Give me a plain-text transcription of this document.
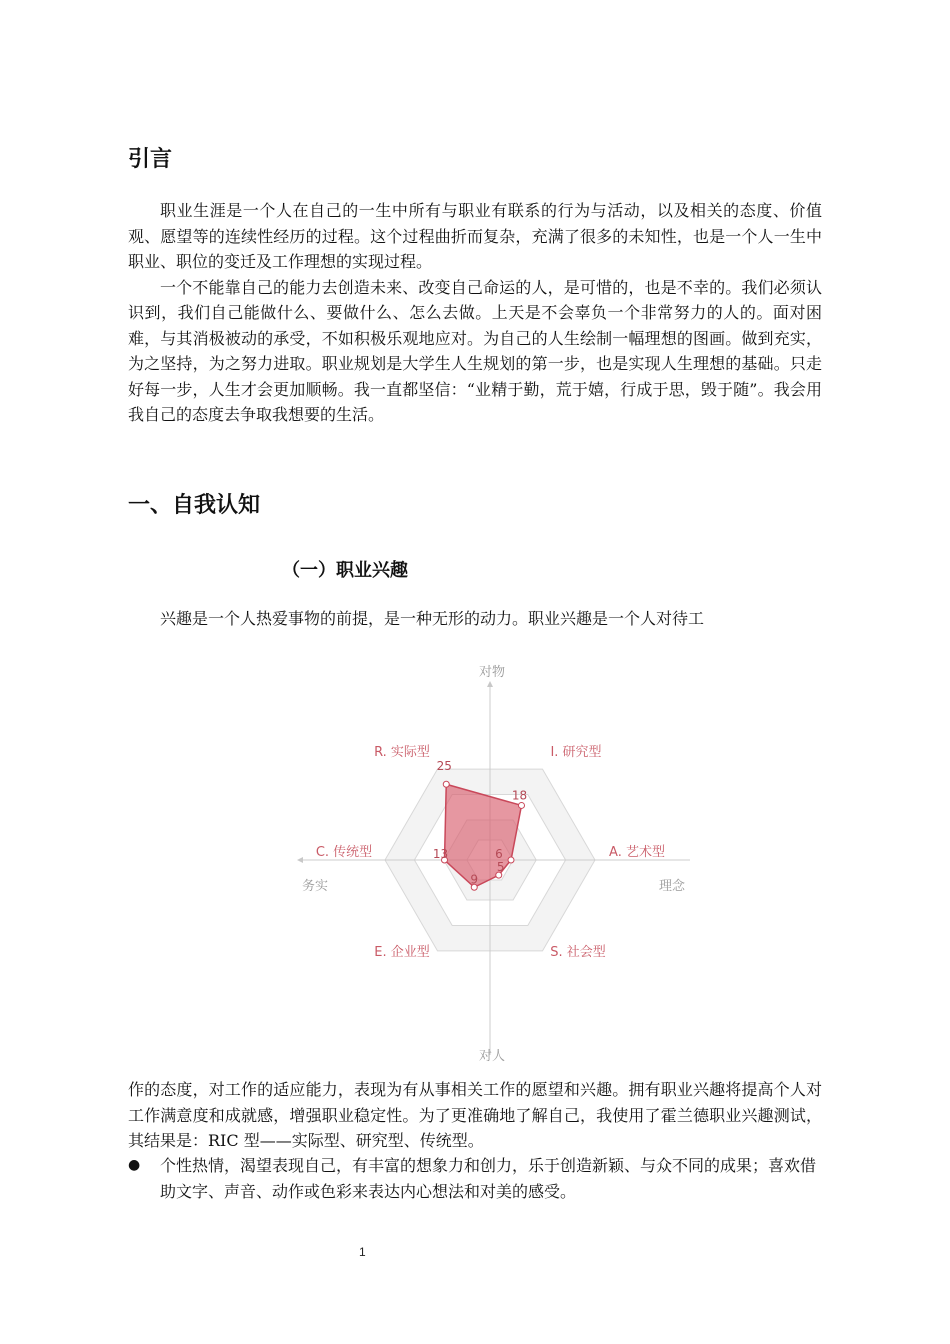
引言

职业生涯是一个人在自己的一生中所有与职业有联系的行为与活动，以及相关的态度、价值观、愿望等的连续性经历的过程。这个过程曲折而复杂，充满了很多的未知性，也是一个人一生中职业、职位的变迁及工作理想的实现过程。

一个不能靠自己的能力去创造未来、改变自己命运的人，是可惜的，也是不幸的。我们必须认识到，我们自己能做什么、要做什么、怎么去做。上天是不会辜负一个非常努力的人的。面对困难，与其消极被动的承受，不如积极乐观地应对。为自己的人生绘制一幅理想的图画。做到充实，为之坚持，为之努力进取。职业规划是大学生人生规划的第一步，也是实现人生理想的基础。只走好每一步，人生才会更加顺畅。我一直都坚信：“业精于勤，荒于嬉，行成于思，毁于随”。我会用我自己的态度去争取我想要的生活。

一、自我认知
（一）职业兴趣

兴趣是一个人热爱事物的前提，是一种无形的动力。职业兴趣是一个人对待工

25
18
6
5
9
13
对物
对人
务实	理念
R. 实际型	I. 研究型
A. 艺术型
S. 社会型
E. 企业型
C. 传统型

作的态度，对工作的适应能力，表现为有从事相关工作的愿望和兴趣。拥有职业兴趣将提高个人对工作满意度和成就感，增强职业稳定性。为了更准确地了解自己，我使用了霍兰德职业兴趣测试，其结果是：RIC 型——实际型、研究型、传统型。

●	个性热情，渴望表现自己，有丰富的想象力和创力，乐于创造新颖、与众不同的成果；喜欢借助文字、声音、动作或色彩来表达内心想法和对美的感受。
1
